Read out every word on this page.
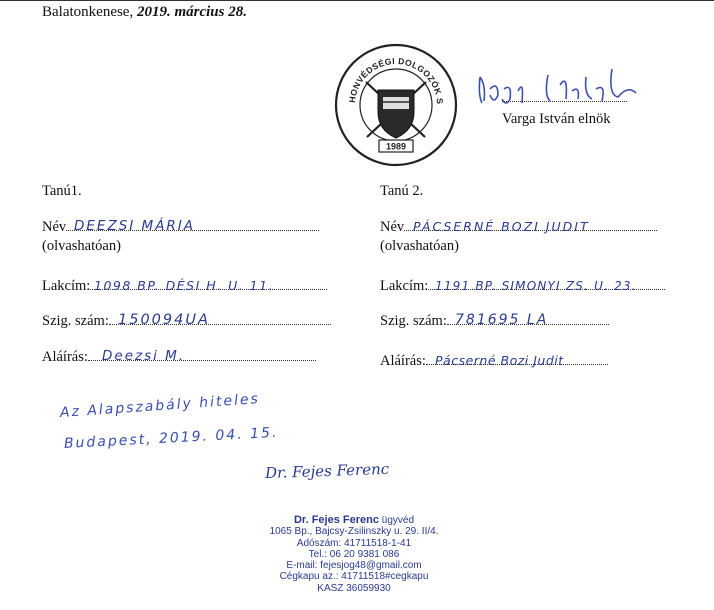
Balatonkenese, 2019. március 28.
HONVÉDSÉGI DOLGOZÓK S
1989
Varga István elnök
Tanú1.
Név DEEZSI MÁRIA
(olvashatóan)
Lakcím: 1098 BP. DÉSI H. U. 11.
Szig. szám: 150094UA
Aláírás: Deezsi M.
Tanú 2.
Név PÁCSERNÉ BOZI JUDIT
(olvashatóan)
Lakcím: 1191 BP. SIMONYI ZS. U. 23.
Szig. szám: 781695 LA
Aláírás: Pácserné Bozi Judit
Az Alapszabály hiteles
Budapest, 2019. 04. 15.
Dr. Fejes Ferenc
Dr. Fejes Ferenc ügyvéd
1065 Bp., Bajcsy-Zsilinszky u. 29. II/4.
Adószám: 41711518-1-41
Tel.: 06 20 9381 086
E-mail: fejesjog48@gmail.com
Cégkapu az.: 41711518#cegkapu
KASZ 36059930
